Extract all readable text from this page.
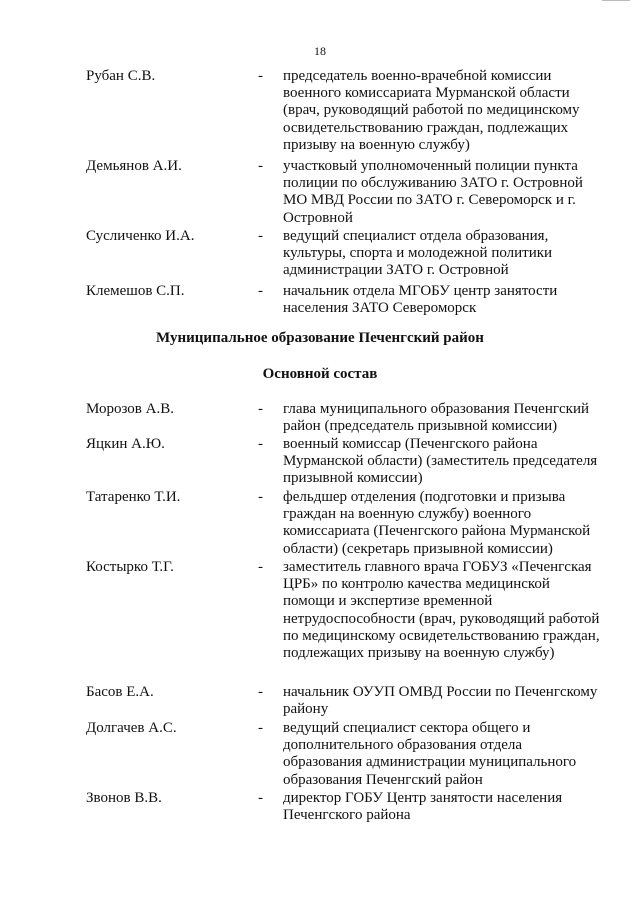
18
Рубан С.В.	- председатель военно-врачебной комиссии военного комиссариата Мурманской области (врач, руководящий работой по медицинскому освидетельствованию граждан, подлежащих призыву на военную службу)
Демьянов А.И.	- участковый уполномоченный полиции пункта полиции по обслуживанию ЗАТО г. Островной МО МВД России по ЗАТО г. Североморск и г. Островной
Сусличенко И.А.	- ведущий специалист отдела образования, культуры, спорта и молодежной политики администрации ЗАТО г. Островной
Клемешов С.П.	- начальник отдела МГОБУ центр занятости населения ЗАТО Североморск
Муниципальное образование Печенгский район
Основной состав
Морозов А.В.	- глава муниципального образования Печенгский район (председатель призывной комиссии)
Яцкин А.Ю.	- военный комиссар (Печенгского района Мурманской области) (заместитель председателя призывной комиссии)
Татаренко Т.И.	- фельдшер отделения (подготовки и призыва граждан на военную службу) военного комиссариата (Печенгского района Мурманской области) (секретарь призывной комиссии)
Костырко Т.Г.	- заместитель главного врача ГОБУЗ «Печенгская ЦРБ» по контролю качества медицинской помощи и экспертизе временной нетрудоспособности (врач, руководящий работой по медицинскому освидетельствованию граждан, подлежащих призыву на военную службу)
Басов Е.А.	- начальник ОУУП ОМВД России по Печенгскому району
Долгачев А.С.	- ведущий специалист сектора общего и дополнительного образования отдела образования администрации муниципального образования Печенгский район
Звонов В.В.	- директор ГОБУ Центр занятости населения Печенгского района
